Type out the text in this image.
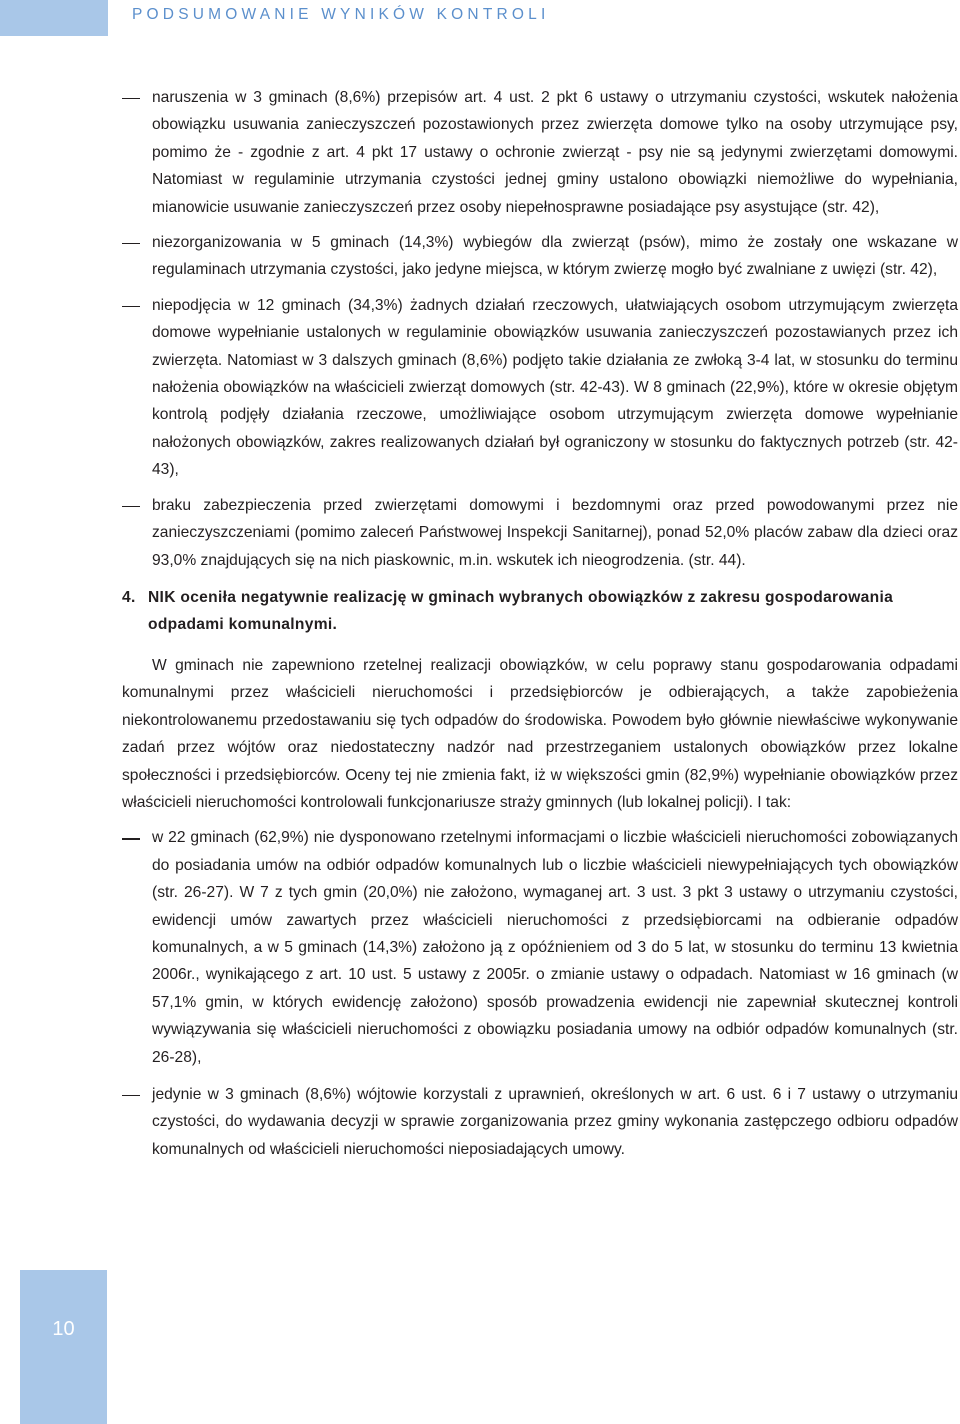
PODSUMOWANIE WYNIKÓW KONTROLI

naruszenia w 3 gminach (8,6%) przepisów art. 4 ust. 2 pkt 6 ustawy o utrzymaniu czystości, wskutek nałożenia obowiązku usuwania zanieczyszczeń pozostawionych przez zwierzęta domowe tylko na osoby utrzymujące psy, pomimo że - zgodnie z art. 4 pkt 17 ustawy o ochronie zwierząt - psy nie są jedynymi zwierzętami domowymi. Natomiast w regulaminie utrzymania czystości jednej gminy ustalono obowiązki niemożliwe do wypełniania, mianowicie usuwanie zanieczyszczeń przez osoby niepełnosprawne posiadające psy asystujące (str. 42),

niezorganizowania w 5 gminach (14,3%) wybiegów dla zwierząt (psów), mimo że zostały one wskazane w regulaminach utrzymania czystości, jako jedyne miejsca, w którym zwierzę mogło być zwalniane z uwięzi (str. 42),

niepodjęcia w 12 gminach (34,3%) żadnych działań rzeczowych, ułatwiających osobom utrzymującym zwierzęta domowe wypełnianie ustalonych w regulaminie obowiązków usuwania zanieczyszczeń pozostawianych przez ich zwierzęta. Natomiast w 3 dalszych gminach (8,6%) podjęto takie działania ze zwłoką 3-4 lat, w stosunku do terminu nałożenia obowiązków na właścicieli zwierząt domowych (str. 42-43). W 8 gminach (22,9%), które w okresie objętym kontrolą podjęły działania rzeczowe, umożliwiające osobom utrzymującym zwierzęta domowe wypełnianie nałożonych obowiązków, zakres realizowanych działań był ograniczony w stosunku do faktycznych potrzeb (str. 42-43),

braku zabezpieczenia przed zwierzętami domowymi i bezdomnymi oraz przed powodowanymi przez nie zanieczyszczeniami (pomimo zaleceń Państwowej Inspekcji Sanitarnej), ponad 52,0% placów zabaw dla dzieci oraz 93,0% znajdujących się na nich piaskownic, m.in. wskutek ich nieogrodzenia. (str. 44).

4. NIK oceniła negatywnie realizację w gminach wybranych obowiązków z zakresu gospodarowania odpadami komunalnymi.

W gminach nie zapewniono rzetelnej realizacji obowiązków, w celu poprawy stanu gospodarowania odpadami komunalnymi przez właścicieli nieruchomości i przedsiębiorców je odbierających, a także zapobieżenia niekontrolowanemu przedostawaniu się tych odpadów do środowiska. Powodem było głównie niewłaściwe wykonywanie zadań przez wójtów oraz niedostateczny nadzór nad przestrzeganiem ustalonych obowiązków przez lokalne społeczności i przedsiębiorców. Oceny tej nie zmienia fakt, iż w większości gmin (82,9%) wypełnianie obowiązków przez właścicieli nieruchomości kontrolowali funkcjonariusze straży gminnych (lub lokalnej policji). I tak:

w 22 gminach (62,9%) nie dysponowano rzetelnymi informacjami o liczbie właścicieli nieruchomości zobowiązanych do posiadania umów na odbiór odpadów komunalnych lub o liczbie właścicieli niewypełniających tych obowiązków (str. 26-27). W 7 z tych gmin (20,0%) nie założono, wymaganej art. 3 ust. 3 pkt 3 ustawy o utrzymaniu czystości, ewidencji umów zawartych przez właścicieli nieruchomości z przedsiębiorcami na odbieranie odpadów komunalnych, a w 5 gminach (14,3%) założono ją z opóźnieniem od 3 do 5 lat, w stosunku do terminu 13 kwietnia 2006r., wynikającego z art. 10 ust. 5 ustawy z 2005r. o zmianie ustawy o odpadach. Natomiast w 16 gminach (w 57,1% gmin, w których ewidencję założono) sposób prowadzenia ewidencji nie zapewniał skutecznej kontroli wywiązywania się właścicieli nieruchomości z obowiązku posiadania umowy na odbiór odpadów komunalnych (str. 26-28),

jedynie w 3 gminach (8,6%) wójtowie korzystali z uprawnień, określonych w art. 6 ust. 6 i 7 ustawy o utrzymaniu czystości, do wydawania decyzji w sprawie zorganizowania przez gminy wykonania zastępczego odbioru odpadów komunalnych od właścicieli nieruchomości nieposiadających umowy.

10
